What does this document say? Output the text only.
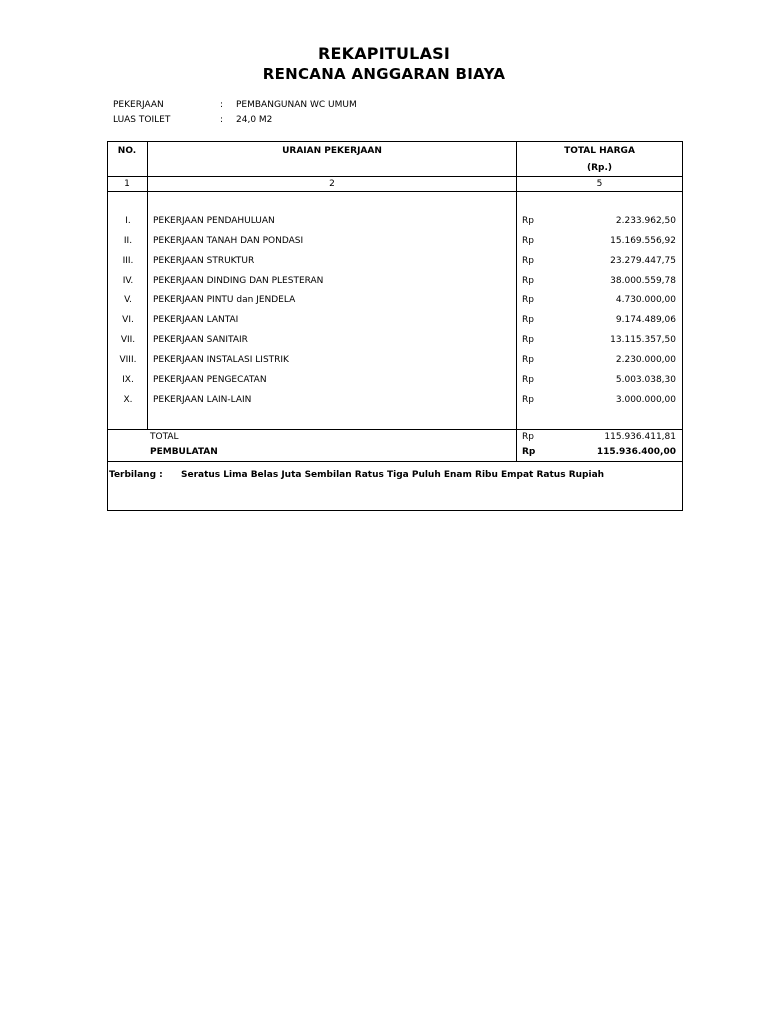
REKAPITULASI
RENCANA ANGGARAN BIAYA
PEKERJAAN	: PEMBANGUNAN WC UMUM
LUAS TOILET	: 24,0 M2
NO.	URAIAN PEKERJAAN	TOTAL HARGA
(Rp.)
1	2	5
I.	PEKERJAAN PENDAHULUAN	Rp	2.233.962,50
II.	PEKERJAAN TANAH DAN PONDASI	Rp	15.169.556,92
III.	PEKERJAAN STRUKTUR	Rp	23.279.447,75
IV.	PEKERJAAN DINDING DAN PLESTERAN	Rp	38.000.559,78
V.	PEKERJAAN PINTU dan JENDELA	Rp	4.730.000,00
VI.	PEKERJAAN LANTAI	Rp	9.174.489,06
VII.	PEKERJAAN SANITAIR	Rp	13.115.357,50
VIII.	PEKERJAAN INSTALASI LISTRIK	Rp	2.230.000,00
IX.	PEKERJAAN PENGECATAN	Rp	5.003.038,30
X.	PEKERJAAN LAIN-LAIN	Rp	3.000.000,00
TOTAL	Rp	115.936.411,81
PEMBULATAN	Rp	115.936.400,00
Terbilang : Seratus Lima Belas Juta Sembilan Ratus Tiga Puluh Enam Ribu Empat Ratus Rupiah
